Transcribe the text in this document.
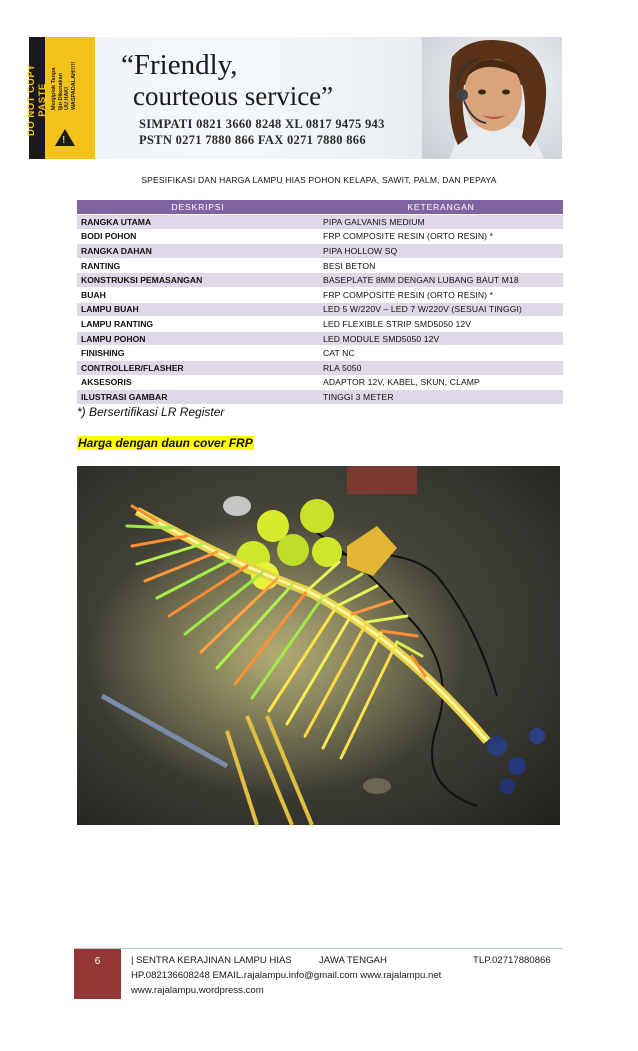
DO NOT COPY PASTE Menjiplak Tanpa Ijin Dikenakan UU HAKI WASPADALAH!!!!!
!
“Friendly,
courteous service”
SIMPATI 0821 3660 8248 XL 0817 9475 943
PSTN 0271 7880 866 FAX 0271 7880 866
SPESIFIKASI DAN HARGA LAMPU HIAS POHON KELAPA, SAWIT, PALM, DAN PEPAYA
DESKRIPSI	KETERANGAN
RANGKA UTAMA	PIPA GALVANIS MEDIUM
BODI POHON	FRP COMPOSITE RESIN (ORTO RESIN) *
RANGKA DAHAN	PIPA HOLLOW SQ
RANTING	BESI BETON
KONSTRUKSI PEMASANGAN	BASEPLATE 8MM DENGAN LUBANG BAUT M18
BUAH	FRP COMPOSITE RESIN (ORTO RESIN) *
LAMPU BUAH	LED 5 W/220V – LED 7 W/220V (SESUAI TINGGI)
LAMPU RANTING	LED FLEXIBLE STRIP SMD5050 12V
LAMPU POHON	LED MODULE SMD5050 12V
FINISHING	CAT NC
CONTROLLER/FLASHER	RLA 5050
AKSESORIS	ADAPTOR 12V, KABEL, SKUN, CLAMP
ILUSTRASI GAMBAR	TINGGI 3 METER
*) Bersertifikasi LR Register
Harga dengan daun cover FRP
6	| SENTRA KERAJINAN LAMPU HIAS	JAWA TENGAH	TLP.02717880866
HP.082136608248 EMAIL.rajalampu.info@gmail.com www.rajalampu.net
www.rajalampu.wordpress.com
